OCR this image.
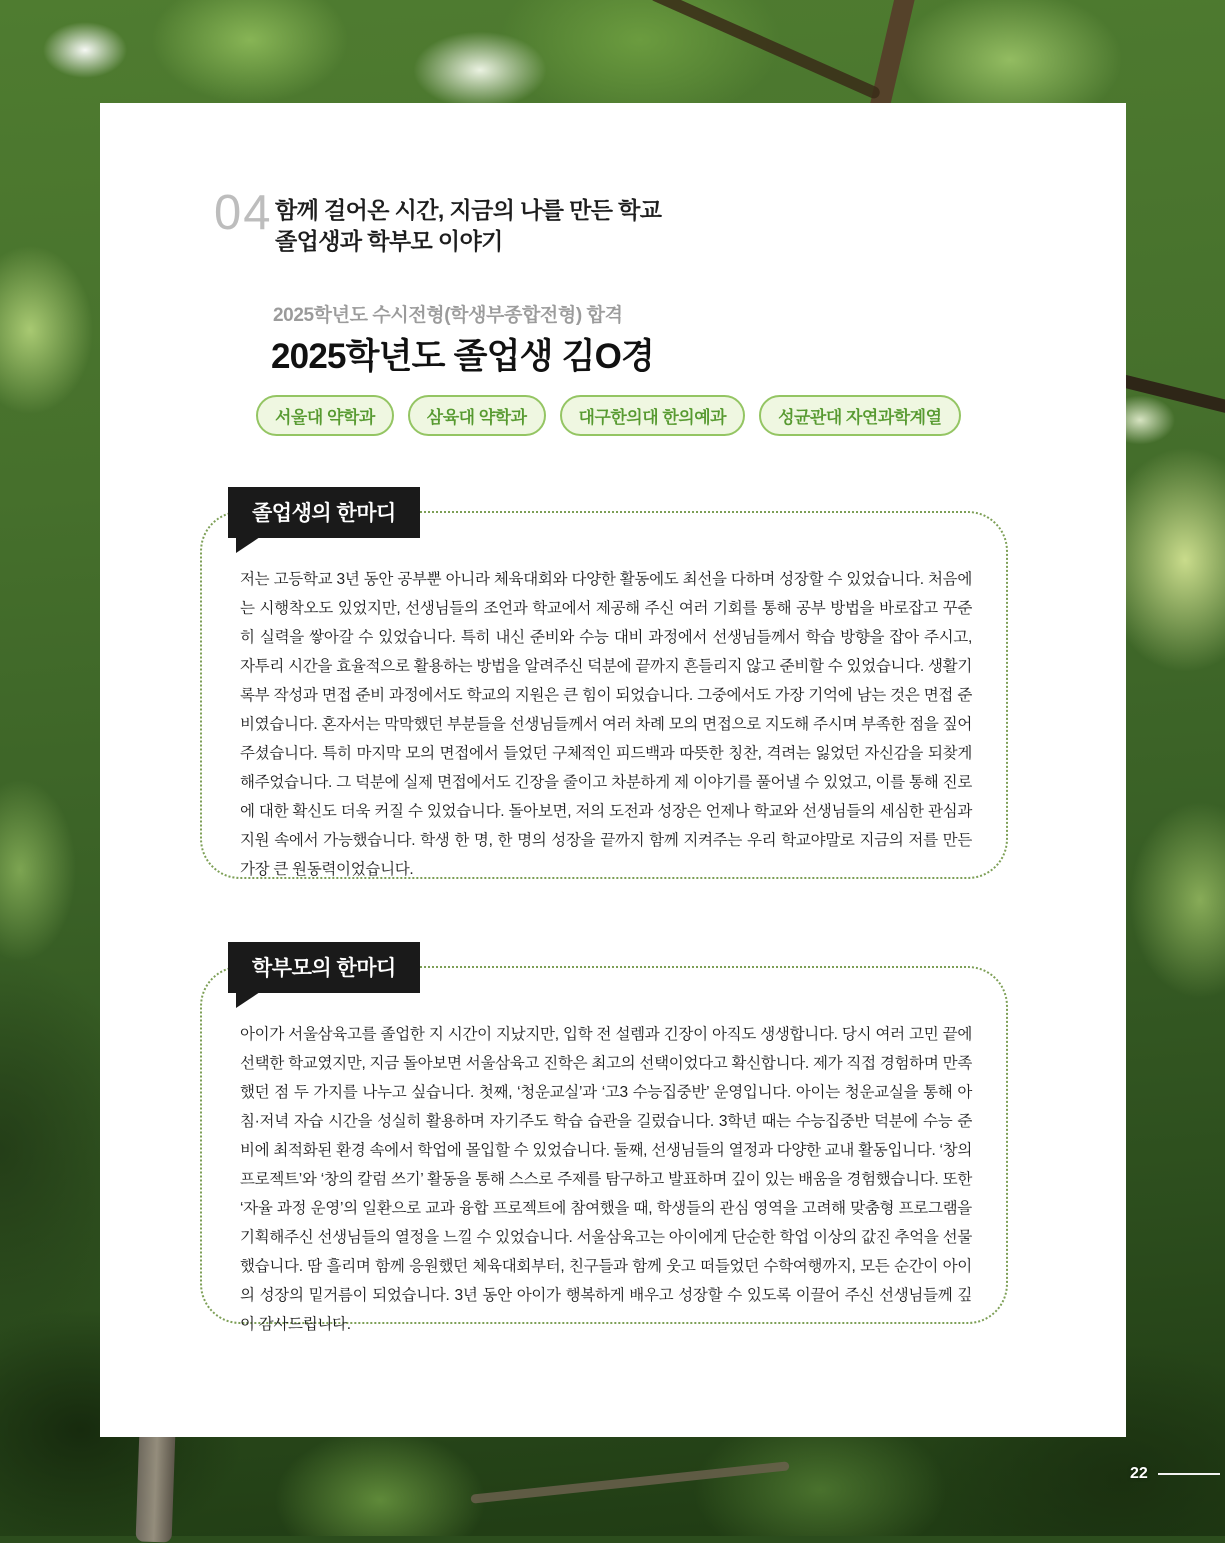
04 함께 걸어온 시간, 지금의 나를 만든 학교
졸업생과 학부모 이야기
2025학년도 수시전형(학생부종합전형) 합격
2025학년도 졸업생 김O경
서울대 약학과	삼육대 약학과	대구한의대 한의예과	성균관대 자연과학계열
졸업생의 한마디
저는 고등학교 3년 동안 공부뿐 아니라 체육대회와 다양한 활동에도 최선을 다하며 성장할 수 있었습니다. 처음에는 시행착오도 있었지만, 선생님들의 조언과 학교에서 제공해 주신 여러 기회를 통해 공부 방법을 바로잡고 꾸준히 실력을 쌓아갈 수 있었습니다. 특히 내신 준비와 수능 대비 과정에서 선생님들께서 학습 방향을 잡아 주시고, 자투리 시간을 효율적으로 활용하는 방법을 알려주신 덕분에 끝까지 흔들리지 않고 준비할 수 있었습니다. 생활기록부 작성과 면접 준비 과정에서도 학교의 지원은 큰 힘이 되었습니다. 그중에서도 가장 기억에 남는 것은 면접 준비였습니다. 혼자서는 막막했던 부분들을 선생님들께서 여러 차례 모의 면접으로 지도해 주시며 부족한 점을 짚어 주셨습니다. 특히 마지막 모의 면접에서 들었던 구체적인 피드백과 따뜻한 칭찬, 격려는 잃었던 자신감을 되찾게 해주었습니다. 그 덕분에 실제 면접에서도 긴장을 줄이고 차분하게 제 이야기를 풀어낼 수 있었고, 이를 통해 진로에 대한 확신도 더욱 커질 수 있었습니다. 돌아보면, 저의 도전과 성장은 언제나 학교와 선생님들의 세심한 관심과 지원 속에서 가능했습니다. 학생 한 명, 한 명의 성장을 끝까지 함께 지켜주는 우리 학교야말로 지금의 저를 만든 가장 큰 원동력이었습니다.
학부모의 한마디
아이가 서울삼육고를 졸업한 지 시간이 지났지만, 입학 전 설렘과 긴장이 아직도 생생합니다. 당시 여러 고민 끝에 선택한 학교였지만, 지금 돌아보면 서울삼육고 진학은 최고의 선택이었다고 확신합니다. 제가 직접 경험하며 만족했던 점 두 가지를 나누고 싶습니다. 첫째, ‘청운교실’과 ‘고3 수능집중반’ 운영입니다. 아이는 청운교실을 통해 아침·저녁 자습 시간을 성실히 활용하며 자기주도 학습 습관을 길렀습니다. 3학년 때는 수능집중반 덕분에 수능 준비에 최적화된 환경 속에서 학업에 몰입할 수 있었습니다. 둘째, 선생님들의 열정과 다양한 교내 활동입니다. ‘창의 프로젝트’와 ‘창의 칼럼 쓰기’ 활동을 통해 스스로 주제를 탐구하고 발표하며 깊이 있는 배움을 경험했습니다. 또한 ‘자율 과정 운영’의 일환으로 교과 융합 프로젝트에 참여했을 때, 학생들의 관심 영역을 고려해 맞춤형 프로그램을 기획해주신 선생님들의 열정을 느낄 수 있었습니다. 서울삼육고는 아이에게 단순한 학업 이상의 값진 추억을 선물했습니다. 땀 흘리며 함께 응원했던 체육대회부터, 친구들과 함께 웃고 떠들었던 수학여행까지, 모든 순간이 아이의 성장의 밑거름이 되었습니다. 3년 동안 아이가 행복하게 배우고 성장할 수 있도록 이끌어 주신 선생님들께 깊이 감사드립니다.
22
